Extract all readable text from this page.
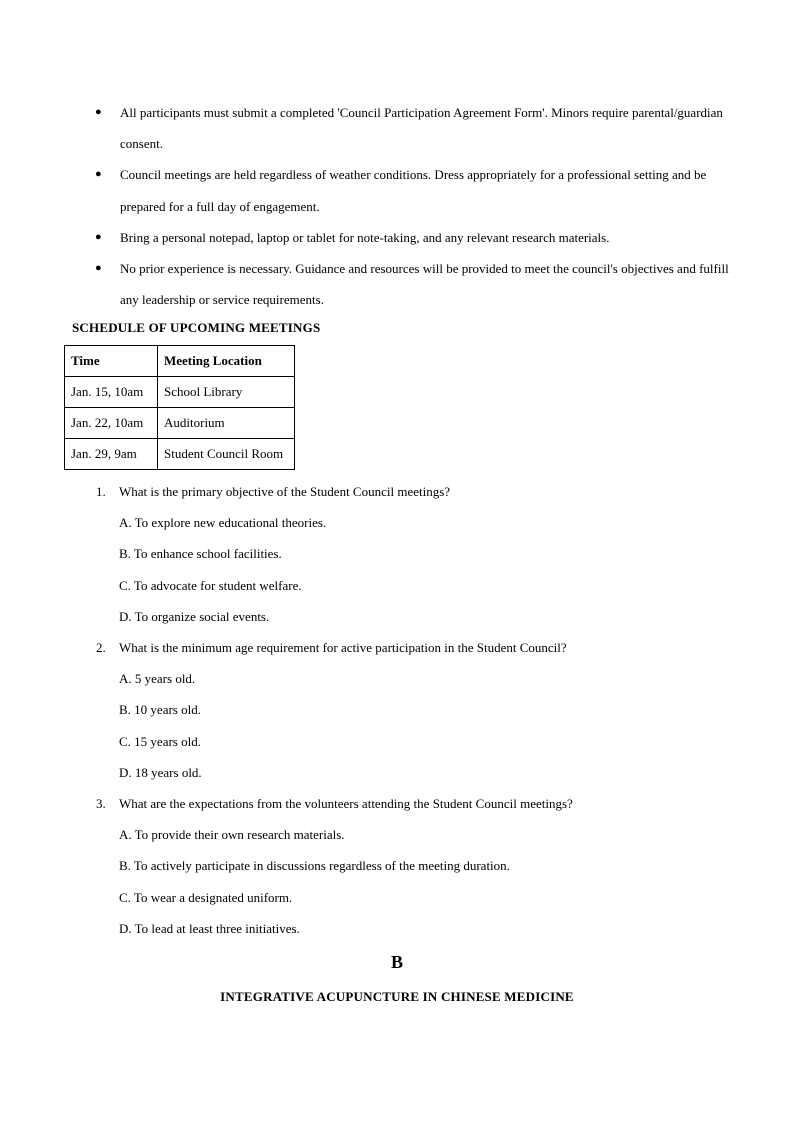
● All participants must submit a completed 'Council Participation Agreement Form'. Minors require parental/guardian consent.
● Council meetings are held regardless of weather conditions. Dress appropriately for a professional setting and be prepared for a full day of engagement.
● Bring a personal notepad, laptop or tablet for note-taking, and any relevant research materials.
● No prior experience is necessary. Guidance and resources will be provided to meet the council's objectives and fulfill any leadership or service requirements.
SCHEDULE OF UPCOMING MEETINGS
Time	Meeting Location
Jan. 15, 10am	School Library
Jan. 22, 10am	Auditorium
Jan. 29, 9am	Student Council Room
1. What is the primary objective of the Student Council meetings?
A. To explore new educational theories.
B. To enhance school facilities.
C. To advocate for student welfare.
D. To organize social events.
2. What is the minimum age requirement for active participation in the Student Council?
A. 5 years old.
B. 10 years old.
C. 15 years old.
D. 18 years old.
3. What are the expectations from the volunteers attending the Student Council meetings?
A. To provide their own research materials.
B. To actively participate in discussions regardless of the meeting duration.
C. To wear a designated uniform.
D. To lead at least three initiatives.
B
INTEGRATIVE ACUPUNCTURE IN CHINESE MEDICINE
